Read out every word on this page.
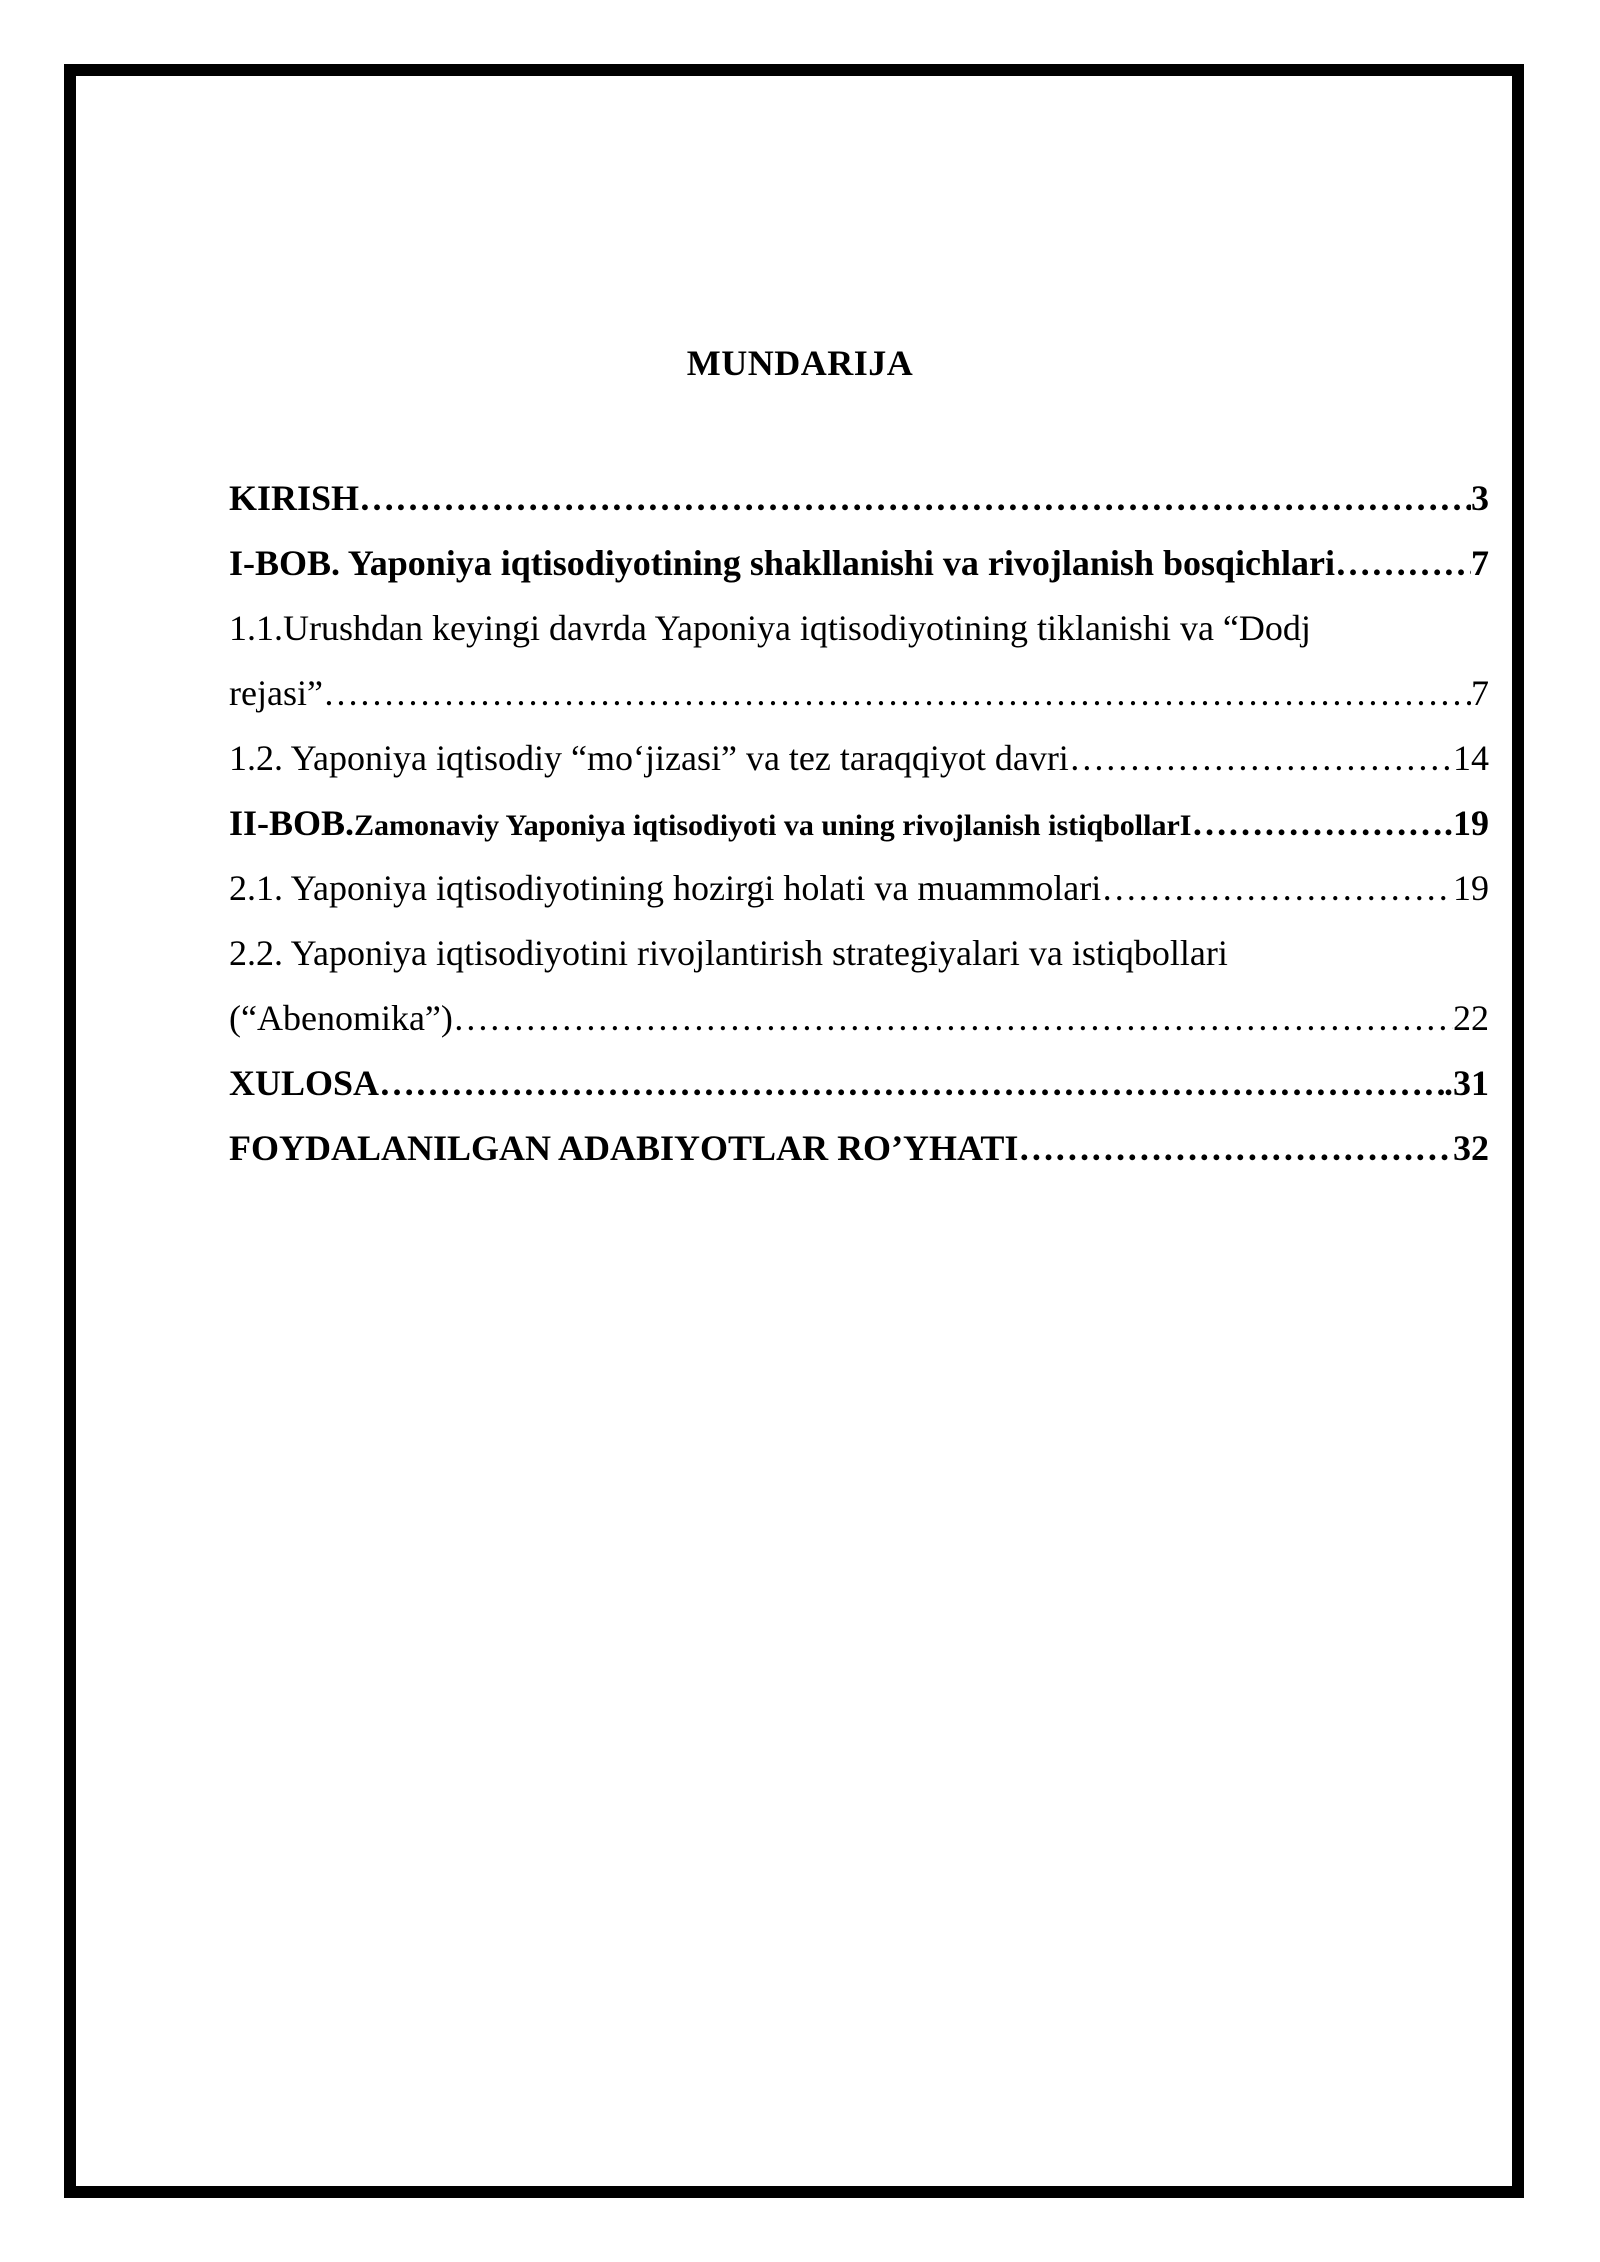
MUNDARIJA
KIRISH …………………………………………………………………………………………………………………………………………………………	3
I-BOB. Yaponiya iqtisodiyotining shakllanishi va rivojlanish bosqichlari …………………………………………………………………………………………………………………………………………………………	7
1.1.Urushdan keyingi davrda Yaponiya iqtisodiyotining tiklanishi va “Dodj
rejasi” …………………………………………………………………………………………………………………………………………………………	7
1.2. Yaponiya iqtisodiy “mo‘jizasi” va tez taraqqiyot davri …………………………………………………………………………………………………………………………………………………………	14
II-BOB. Zamonaviy Yaponiya iqtisodiyoti va uning rivojlanish istiqbollarI …………………………………………………………………………………………………………………………………………………………	.19
2.1. Yaponiya iqtisodiyotining hozirgi holati va muammolari …………………………………………………………………………………………………………………………………………………………	19
2.2. Yaponiya iqtisodiyotini rivojlantirish strategiyalari va istiqbollari
(“Abenomika”) …………………………………………………………………………………………………………………………………………………………	22
XULOSA …………………………………………………………………………………………………………………………………………………………	.31
FOYDALANILGAN ADABIYOTLAR RO’YHATI …………………………………………………………………………………………………………………………………………………………	32
